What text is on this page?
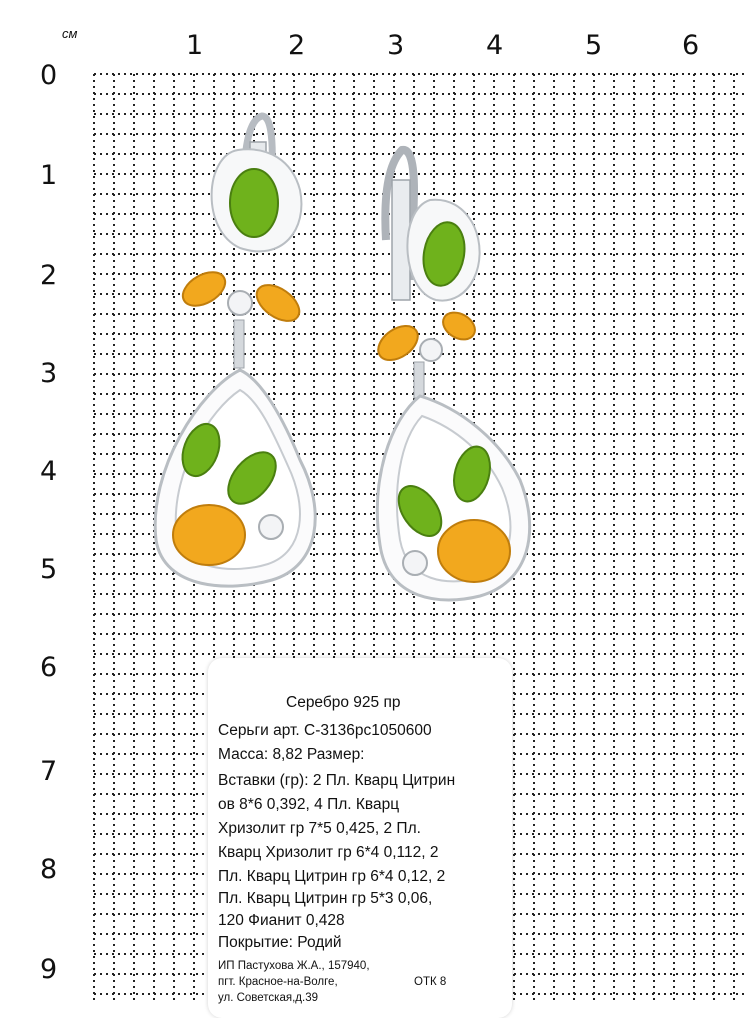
см	1	2	3	4	5	6
0
1
2
3
4
5
6
7
8
9
Серебро 925 пр
Серьги арт. С-3136рс1050600
Масса: 8,82 Размер:
Вставки (гр): 2 Пл. Кварц Цитрин
ов 8*6 0,392, 4 Пл. Кварц
Хризолит гр 7*5 0,425, 2 Пл.
Кварц Хризолит гр 6*4 0,112, 2
Пл. Кварц Цитрин гр 6*4 0,12, 2
Пл. Кварц Цитрин гр 5*3 0,06,
120 Фианит 0,428
Покрытие: Родий
ИП Пастухова Ж.А., 157940,
пгт. Красное-на-Волге,
ул. Советская,д.39
ОТК 8
